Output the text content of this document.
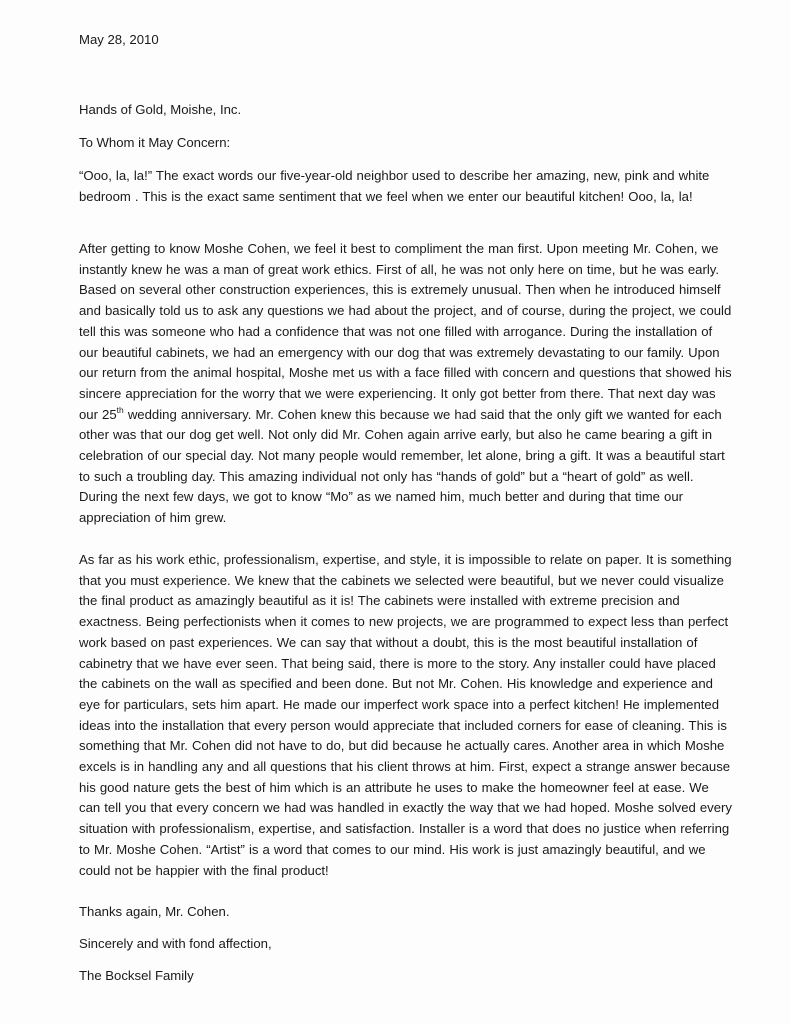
May 28, 2010

Hands of Gold, Moishe, Inc.

To Whom it May Concern:

“Ooo, la, la!” The exact words our five-year-old neighbor used to describe her amazing, new, pink and white bedroom . This is the exact same sentiment that we feel when we enter our beautiful kitchen! Ooo, la, la!

After getting to know Moshe Cohen, we feel it best to compliment the man first. Upon meeting Mr. Cohen, we instantly knew he was a man of great work ethics. First of all, he was not only here on time, but he was early. Based on several other construction experiences, this is extremely unusual. Then when he introduced himself and basically told us to ask any questions we had about the project, and of course, during the project, we could tell this was someone who had a confidence that was not one filled with arrogance. During the installation of our beautiful cabinets, we had an emergency with our dog that was extremely devastating to our family. Upon our return from the animal hospital, Moshe met us with a face filled with concern and questions that showed his sincere appreciation for the worry that we were experiencing. It only got better from there. That next day was our 25th wedding anniversary. Mr. Cohen knew this because we had said that the only gift we wanted for each other was that our dog get well. Not only did Mr. Cohen again arrive early, but also he came bearing a gift in celebration of our special day. Not many people would remember, let alone, bring a gift. It was a beautiful start to such a troubling day. This amazing individual not only has “hands of gold” but a “heart of gold” as well. During the next few days, we got to know “Mo” as we named him, much better and during that time our appreciation of him grew.

As far as his work ethic, professionalism, expertise, and style, it is impossible to relate on paper. It is something that you must experience. We knew that the cabinets we selected were beautiful, but we never could visualize the final product as amazingly beautiful as it is! The cabinets were installed with extreme precision and exactness. Being perfectionists when it comes to new projects, we are programmed to expect less than perfect work based on past experiences. We can say that without a doubt, this is the most beautiful installation of cabinetry that we have ever seen. That being said, there is more to the story. Any installer could have placed the cabinets on the wall as specified and been done. But not Mr. Cohen. His knowledge and experience and eye for particulars, sets him apart. He made our imperfect work space into a perfect kitchen! He implemented ideas into the installation that every person would appreciate that included corners for ease of cleaning. This is something that Mr. Cohen did not have to do, but did because he actually cares. Another area in which Moshe excels is in handling any and all questions that his client throws at him. First, expect a strange answer because his good nature gets the best of him which is an attribute he uses to make the homeowner feel at ease. We can tell you that every concern we had was handled in exactly the way that we had hoped. Moshe solved every situation with professionalism, expertise, and satisfaction. Installer is a word that does no justice when referring to Mr. Moshe Cohen. “Artist” is a word that comes to our mind. His work is just amazingly beautiful, and we could not be happier with the final product!

Thanks again, Mr. Cohen.

Sincerely and with fond affection,

The Bocksel Family
